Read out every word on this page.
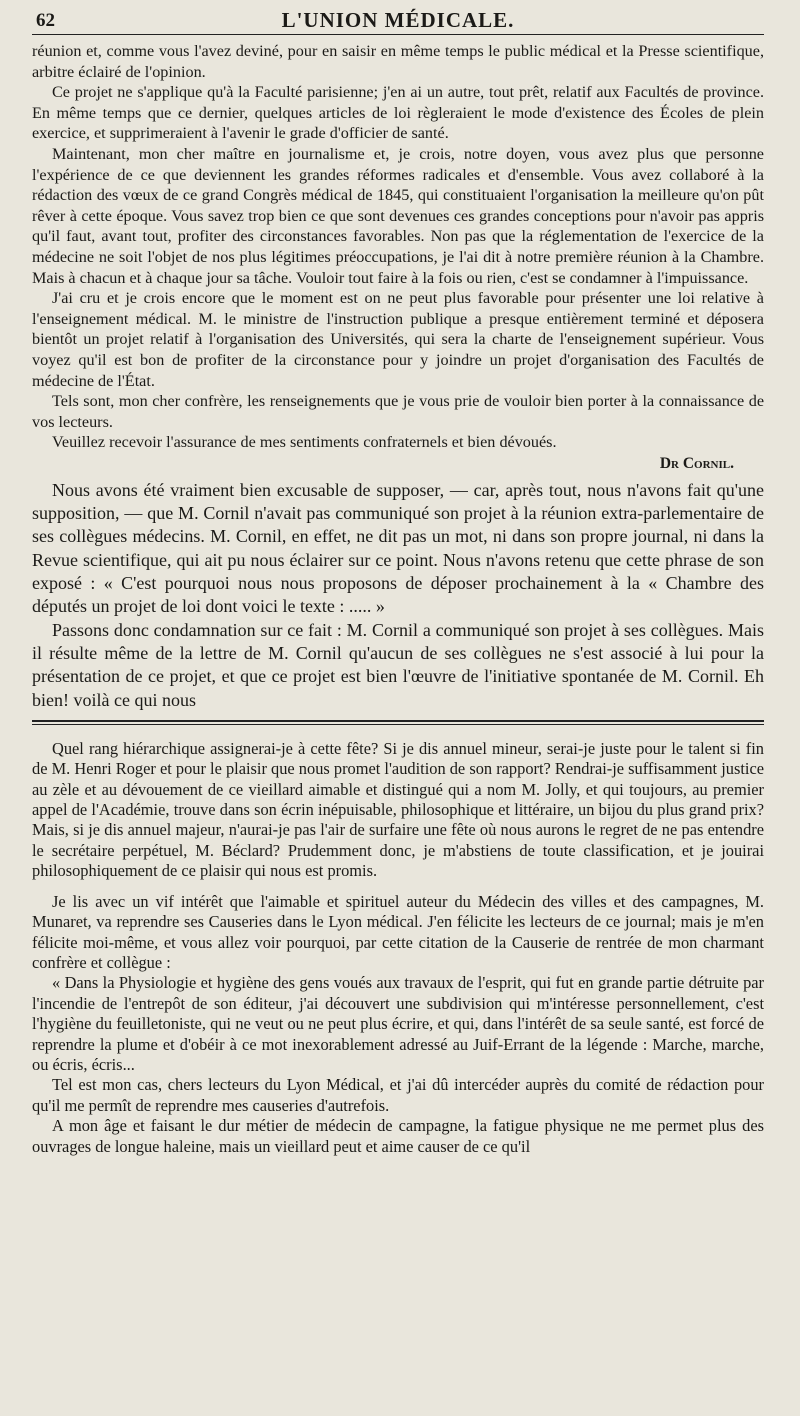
62	L'UNION MÉDICALE.

réunion et, comme vous l'avez deviné, pour en saisir en même temps le public médical et la Presse scientifique, arbitre éclairé de l'opinion.

Ce projet ne s'applique qu'à la Faculté parisienne; j'en ai un autre, tout prêt, relatif aux Facultés de province. En même temps que ce dernier, quelques articles de loi règleraient le mode d'existence des Écoles de plein exercice, et supprimeraient à l'avenir le grade d'officier de santé.

Maintenant, mon cher maître en journalisme et, je crois, notre doyen, vous avez plus que personne l'expérience de ce que deviennent les grandes réformes radicales et d'ensemble. Vous avez collaboré à la rédaction des vœux de ce grand Congrès médical de 1845, qui constituaient l'organisation la meilleure qu'on pût rêver à cette époque. Vous savez trop bien ce que sont devenues ces grandes conceptions pour n'avoir pas appris qu'il faut, avant tout, profiter des circonstances favorables. Non pas que la réglementation de l'exercice de la médecine ne soit l'objet de nos plus légitimes préoccupations, je l'ai dit à notre première réunion à la Chambre. Mais à chacun et à chaque jour sa tâche. Vouloir tout faire à la fois ou rien, c'est se condamner à l'impuissance.

J'ai cru et je crois encore que le moment est on ne peut plus favorable pour présenter une loi relative à l'enseignement médical. M. le ministre de l'instruction publique a presque entièrement terminé et déposera bientôt un projet relatif à l'organisation des Universités, qui sera la charte de l'enseignement supérieur. Vous voyez qu'il est bon de profiter de la circonstance pour y joindre un projet d'organisation des Facultés de médecine de l'État.

Tels sont, mon cher confrère, les renseignements que je vous prie de vouloir bien porter à la connaissance de vos lecteurs.

Veuillez recevoir l'assurance de mes sentiments confraternels et bien dévoués.

Dr Cornil.

Nous avons été vraiment bien excusable de supposer, — car, après tout, nous n'avons fait qu'une supposition, — que M. Cornil n'avait pas communiqué son projet à la réunion extra-parlementaire de ses collègues médecins. M. Cornil, en effet, ne dit pas un mot, ni dans son propre journal, ni dans la Revue scientifique, qui ait pu nous éclairer sur ce point. Nous n'avons retenu que cette phrase de son exposé : « C'est pourquoi nous nous proposons de déposer prochainement à la « Chambre des députés un projet de loi dont voici le texte : ..... »

Passons donc condamnation sur ce fait : M. Cornil a communiqué son projet à ses collègues. Mais il résulte même de la lettre de M. Cornil qu'aucun de ses collègues ne s'est associé à lui pour la présentation de ce projet, et que ce projet est bien l'œuvre de l'initiative spontanée de M. Cornil. Eh bien! voilà ce qui nous

Quel rang hiérarchique assignerai-je à cette fête? Si je dis annuel mineur, serai-je juste pour le talent si fin de M. Henri Roger et pour le plaisir que nous promet l'audition de son rapport? Rendrai-je suffisamment justice au zèle et au dévouement de ce vieillard aimable et distingué qui a nom M. Jolly, et qui toujours, au premier appel de l'Académie, trouve dans son écrin inépuisable, philosophique et littéraire, un bijou du plus grand prix? Mais, si je dis annuel majeur, n'aurai-je pas l'air de surfaire une fête où nous aurons le regret de ne pas entendre le secrétaire perpétuel, M. Béclard? Prudemment donc, je m'abstiens de toute classification, et je jouirai philosophiquement de ce plaisir qui nous est promis.

Je lis avec un vif intérêt que l'aimable et spirituel auteur du Médecin des villes et des campagnes, M. Munaret, va reprendre ses Causeries dans le Lyon médical. J'en félicite les lecteurs de ce journal; mais je m'en félicite moi-même, et vous allez voir pourquoi, par cette citation de la Causerie de rentrée de mon charmant confrère et collègue :

« Dans la Physiologie et hygiène des gens voués aux travaux de l'esprit, qui fut en grande partie détruite par l'incendie de l'entrepôt de son éditeur, j'ai découvert une subdivision qui m'intéresse personnellement, c'est l'hygiène du feuilletoniste, qui ne veut ou ne peut plus écrire, et qui, dans l'intérêt de sa seule santé, est forcé de reprendre la plume et d'obéir à ce mot inexorablement adressé au Juif-Errant de la légende : Marche, marche, ou écris, écris...

Tel est mon cas, chers lecteurs du Lyon Médical, et j'ai dû intercéder auprès du comité de rédaction pour qu'il me permît de reprendre mes causeries d'autrefois.

A mon âge et faisant le dur métier de médecin de campagne, la fatigue physique ne me permet plus des ouvrages de longue haleine, mais un vieillard peut et aime causer de ce qu'il
